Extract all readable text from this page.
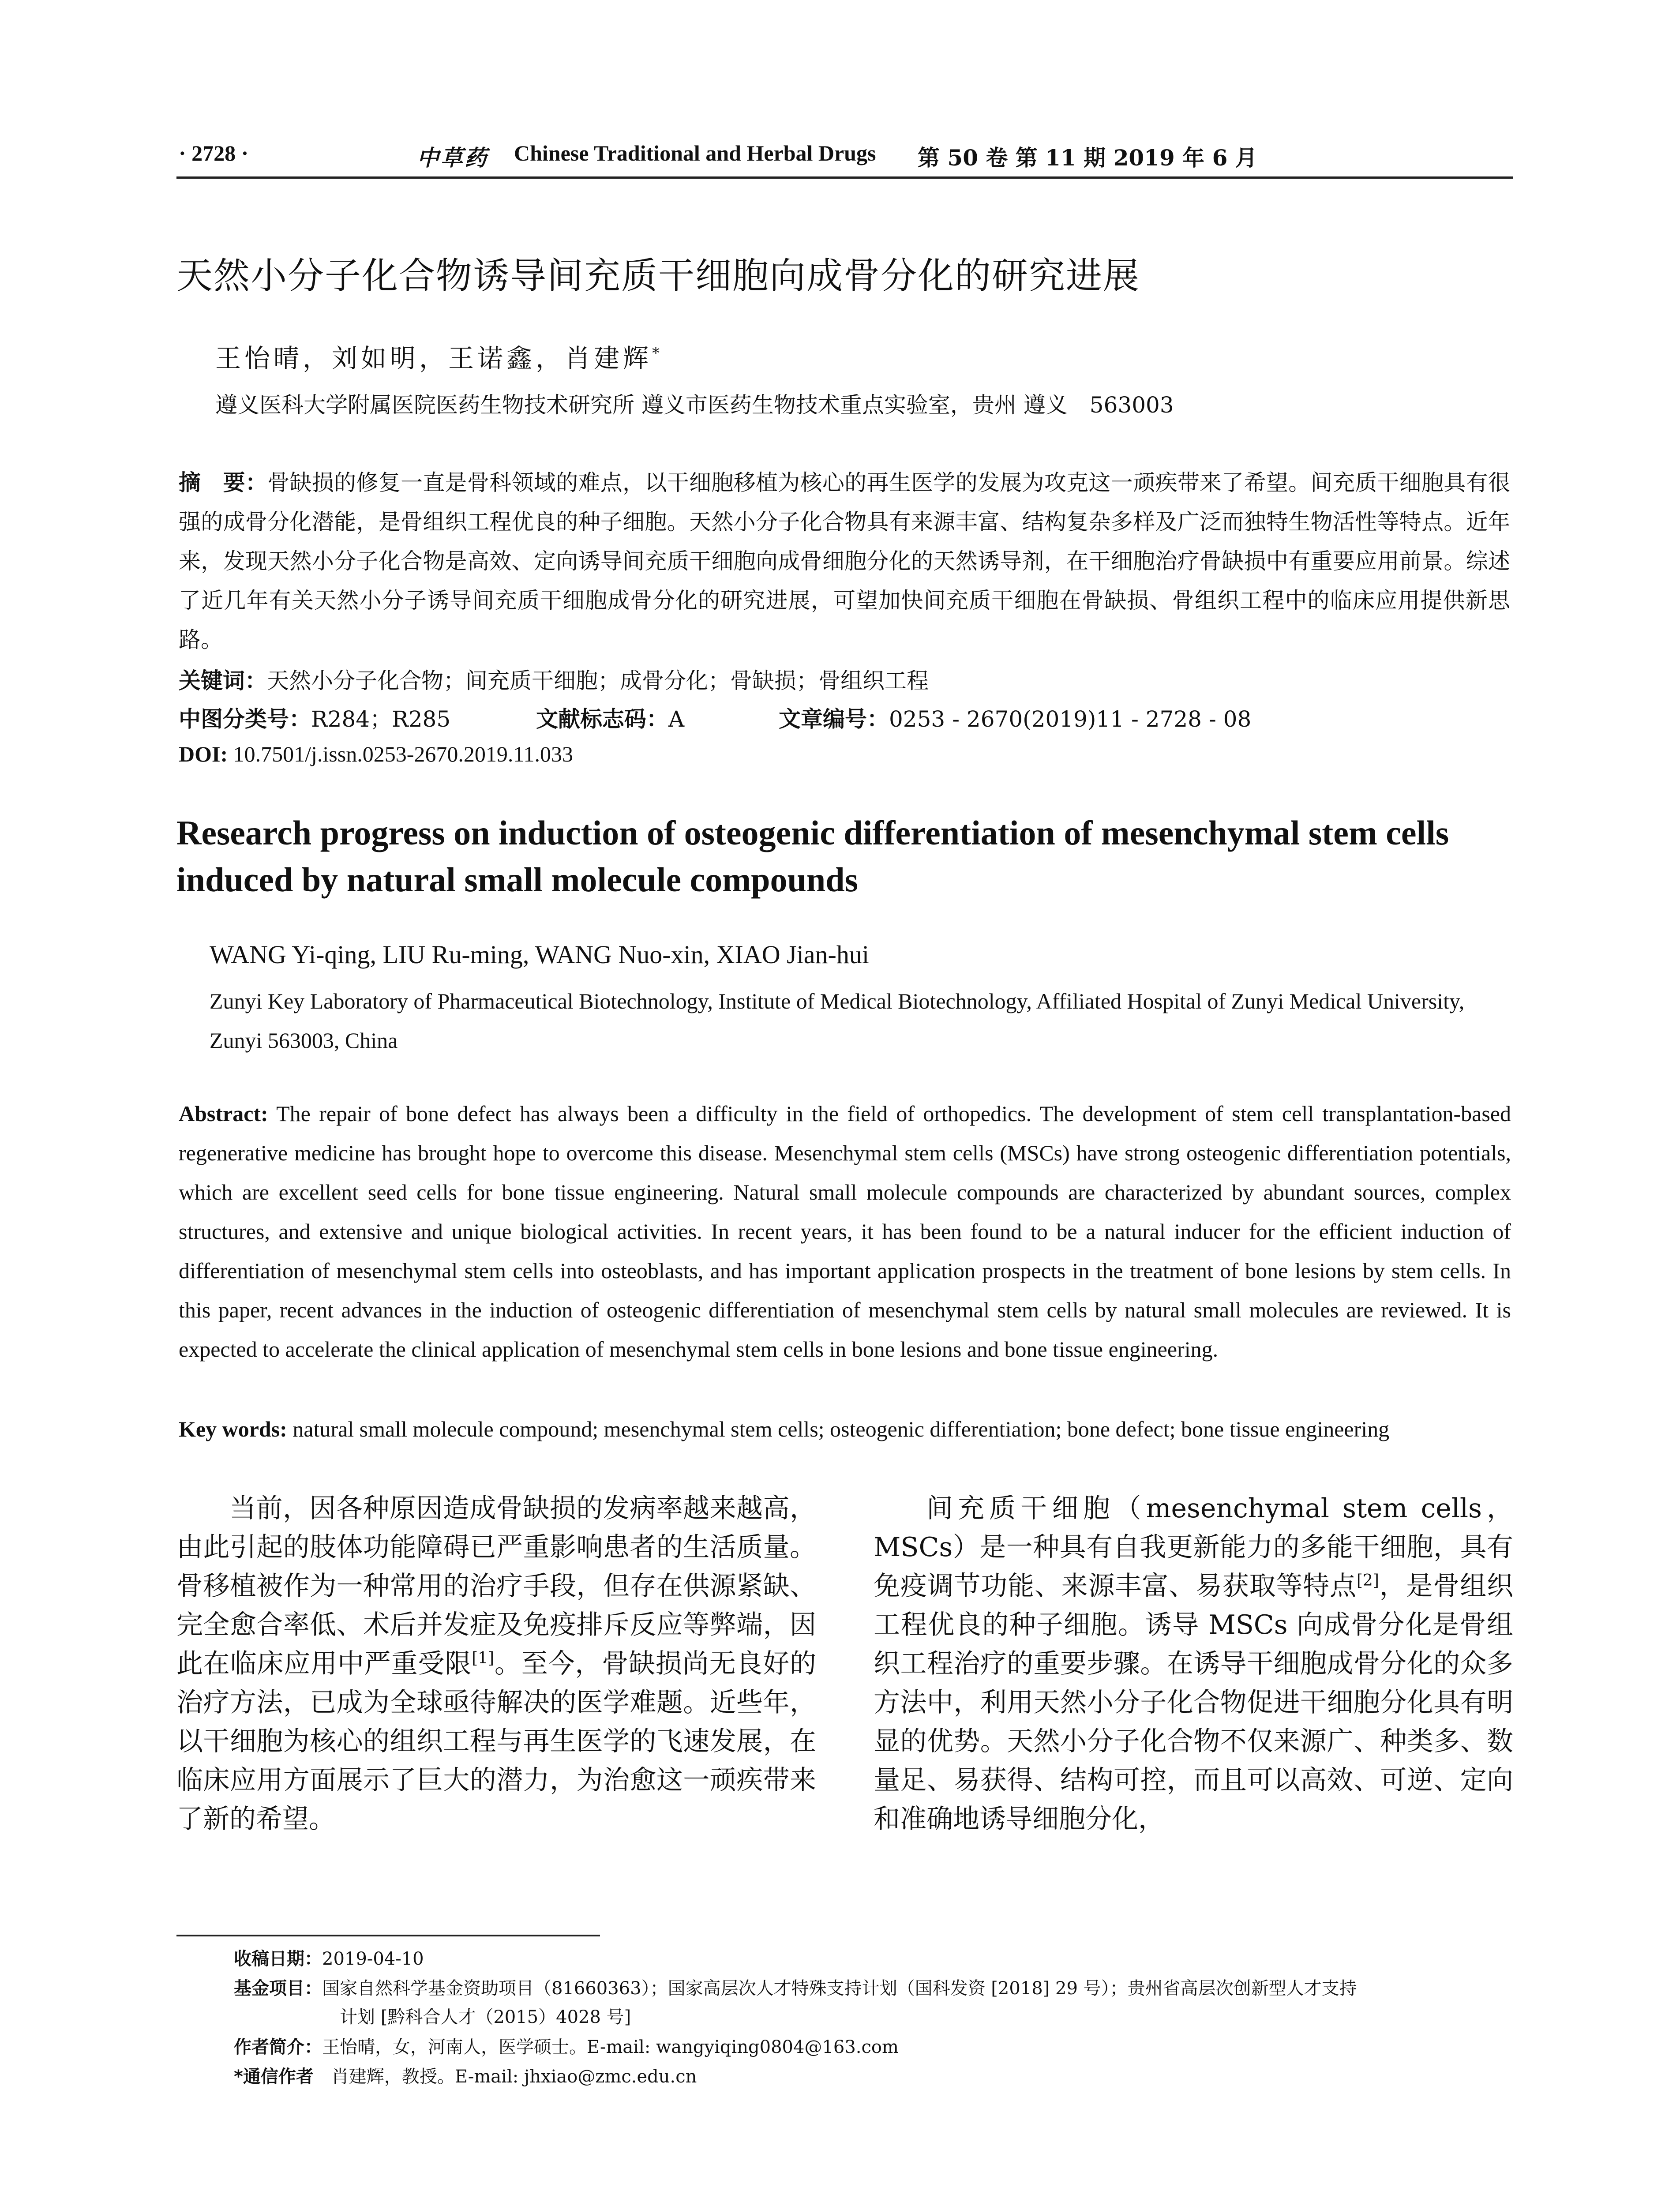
· 2728 ·	中草药 Chinese Traditional and Herbal Drugs 第 50 卷 第 11 期 2019 年 6 月
天然小分子化合物诱导间充质干细胞向成骨分化的研究进展
王怡晴，刘如明，王诺鑫，肖建辉*
遵义医科大学附属医院医药生物技术研究所 遵义市医药生物技术重点实验室，贵州 遵义　563003
摘　要：骨缺损的修复一直是骨科领域的难点，以干细胞移植为核心的再生医学的发展为攻克这一顽疾带来了希望。间充质干细胞具有很强的成骨分化潜能，是骨组织工程优良的种子细胞。天然小分子化合物具有来源丰富、结构复杂多样及广泛而独特生物活性等特点。近年来，发现天然小分子化合物是高效、定向诱导间充质干细胞向成骨细胞分化的天然诱导剂，在干细胞治疗骨缺损中有重要应用前景。综述了近几年有关天然小分子诱导间充质干细胞成骨分化的研究进展，可望加快间充质干细胞在骨缺损、骨组织工程中的临床应用提供新思路。
关键词：天然小分子化合物；间充质干细胞；成骨分化；骨缺损；骨组织工程
中图分类号：R284；R285	文献标志码：A	文章编号：0253 - 2670(2019)11 - 2728 - 08
DOI: 10.7501/j.issn.0253-2670.2019.11.033
Research progress on induction of osteogenic differentiation of mesenchymal stem cells induced by natural small molecule compounds
WANG Yi-qing, LIU Ru-ming, WANG Nuo-xin, XIAO Jian-hui
Zunyi Key Laboratory of Pharmaceutical Biotechnology, Institute of Medical Biotechnology, Affiliated Hospital of Zunyi Medical University, Zunyi 563003, China
Abstract: The repair of bone defect has always been a difficulty in the field of orthopedics. The development of stem cell transplantation-based regenerative medicine has brought hope to overcome this disease. Mesenchymal stem cells (MSCs) have strong osteogenic differentiation potentials, which are excellent seed cells for bone tissue engineering. Natural small molecule compounds are characterized by abundant sources, complex structures, and extensive and unique biological activities. In recent years, it has been found to be a natural inducer for the efficient induction of differentiation of mesenchymal stem cells into osteoblasts, and has important application prospects in the treatment of bone lesions by stem cells. In this paper, recent advances in the induction of osteogenic differentiation of mesenchymal stem cells by natural small molecules are reviewed. It is expected to accelerate the clinical application of mesenchymal stem cells in bone lesions and bone tissue engineering.
Key words: natural small molecule compound; mesenchymal stem cells; osteogenic differentiation; bone defect; bone tissue engineering

当前，因各种原因造成骨缺损的发病率越来越高，由此引起的肢体功能障碍已严重影响患者的生活质量。骨移植被作为一种常用的治疗手段，但存在供源紧缺、完全愈合率低、术后并发症及免疫排斥反应等弊端，因此在临床应用中严重受限[1]。至今，骨缺损尚无良好的治疗方法，已成为全球亟待解决的医学难题。近些年，以干细胞为核心的组织工程与再生医学的飞速发展，在临床应用方面展示了巨大的潜力，为治愈这一顽疾带来了新的希望。

间充质干细胞（mesenchymal stem cells，MSCs）是一种具有自我更新能力的多能干细胞，具有免疫调节功能、来源丰富、易获取等特点[2]，是骨组织工程优良的种子细胞。诱导 MSCs 向成骨分化是骨组织工程治疗的重要步骤。在诱导干细胞成骨分化的众多方法中，利用天然小分子化合物促进干细胞分化具有明显的优势。天然小分子化合物不仅来源广、种类多、数量足、易获得、结构可控，而且可以高效、可逆、定向和准确地诱导细胞分化，

收稿日期：2019-04-10
基金项目：国家自然科学基金资助项目（81660363）；国家高层次人才特殊支持计划（国科发资 [2018] 29 号）；贵州省高层次创新型人才支持
计划 [黔科合人才（2015）4028 号]
作者简介：王怡晴，女，河南人，医学硕士。E-mail: wangyiqing0804@163.com
*通信作者　肖建辉，教授。E-mail: jhxiao@zmc.edu.cn
